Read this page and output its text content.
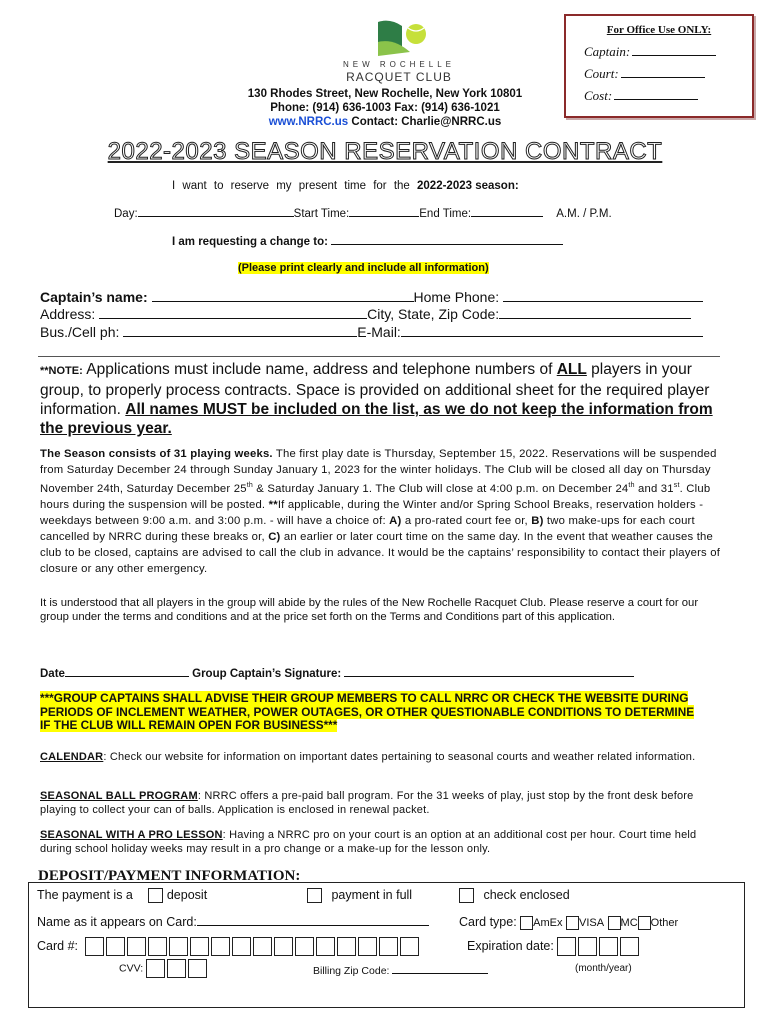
For Office Use ONLY:
Captain:
Court:
Cost:
NEW ROCHELLE
RACQUET CLUB
130 Rhodes Street, New Rochelle, New York 10801
Phone: (914) 636-1003 Fax: (914) 636-1021
www.NRRC.us Contact: Charlie@NRRC.us
2022-2023 SEASON RESERVATION CONTRACT
I want to reserve my present time for the 2022-2023 season:
Day:	Start Time:	End Time:	A.M. / P.M.
I am requesting a change to:
(Please print clearly and include all information)
Captain’s name:	Home Phone:
Address:	City, State, Zip Code:
Bus./Cell ph:	E-Mail:
**NOTE: Applications must include name, address and telephone numbers of ALL players in your group, to properly process contracts. Space is provided on additional sheet for the required player information. All names MUST be included on the list, as we do not keep the information from the previous year.
The Season consists of 31 playing weeks. The first play date is Thursday, September 15, 2022. Reservations will be suspended from Saturday December 24 through Sunday January 1, 2023 for the winter holidays. The Club will be closed all day on Thursday November 24th, Saturday December 25th & Saturday January 1. The Club will close at 4:00 p.m. on December 24th and 31st. Club hours during the suspension will be posted. **If applicable, during the Winter and/or Spring School Breaks, reservation holders - weekdays between 9:00 a.m. and 3:00 p.m. - will have a choice of: A) a pro-rated court fee or, B) two make-ups for each court cancelled by NRRC during these breaks or, C) an earlier or later court time on the same day. In the event that weather causes the club to be closed, captains are advised to call the club in advance. It would be the captains’ responsibility to contact their players of closure or any other emergency.
It is understood that all players in the group will abide by the rules of the New Rochelle Racquet Club. Please reserve a court for our group under the terms and conditions and at the price set forth on the Terms and Conditions part of this application.
Date	Group Captain’s Signature:
***GROUP CAPTAINS SHALL ADVISE THEIR GROUP MEMBERS TO CALL NRRC OR CHECK THE WEBSITE DURING PERIODS OF INCLEMENT WEATHER, POWER OUTAGES, OR OTHER QUESTIONABLE CONDITIONS TO DETERMINE IF THE CLUB WILL REMAIN OPEN FOR BUSINESS***
CALENDAR: Check our website for information on important dates pertaining to seasonal courts and weather related information.
SEASONAL BALL PROGRAM: NRRC offers a pre-paid ball program. For the 31 weeks of play, just stop by the front desk before playing to collect your can of balls. Application is enclosed in renewal packet.
SEASONAL WITH A PRO LESSON: Having a NRRC pro on your court is an option at an additional cost per hour. Court time held during school holiday weeks may result in a pro change or a make-up for the lesson only.
DEPOSIT/PAYMENT INFORMATION:
The payment is a	deposit	payment in full	check enclosed
Name as it appears on Card:	Card type: AmEx VISA MC Other
Card #:	Expiration date:
CVV:	Billing Zip Code:	(month/year)
